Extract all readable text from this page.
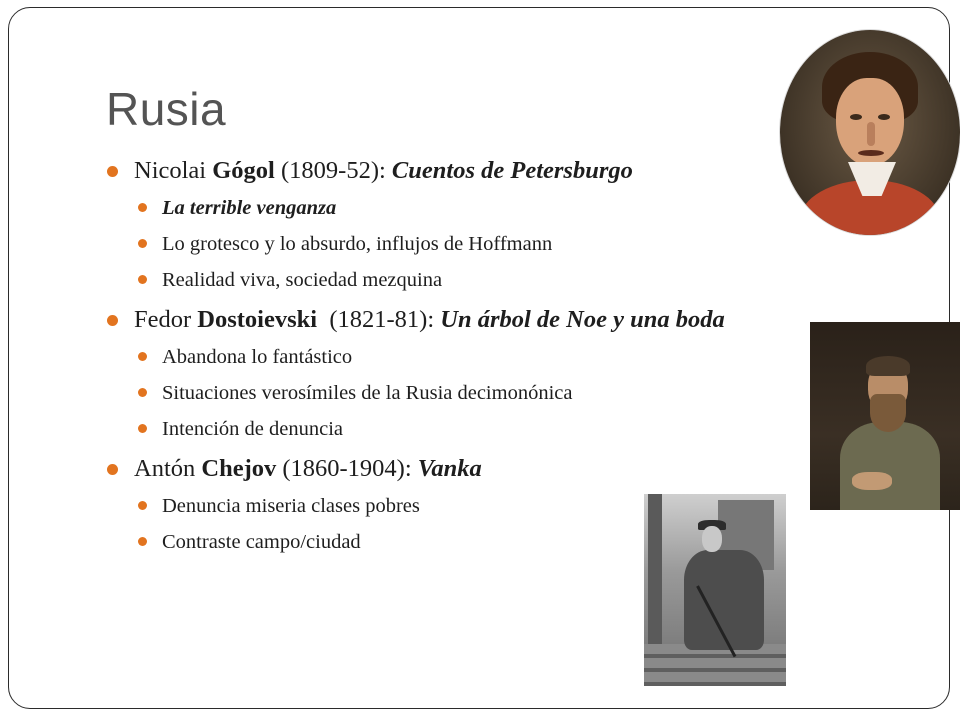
Rusia
Nicolai Gógol (1809-52): Cuentos de Petersburgo
La terrible venganza
Lo grotesco y lo absurdo, influjos de Hoffmann
Realidad viva, sociedad mezquina
Fedor Dostoievski  (1821-81): Un árbol de Noe y una boda
Abandona lo fantástico
Situaciones verosímiles de la Rusia decimonónica
Intención de denuncia
Antón Chejov (1860-1904): Vanka
Denuncia miseria clases pobres
Contraste campo/ciudad
